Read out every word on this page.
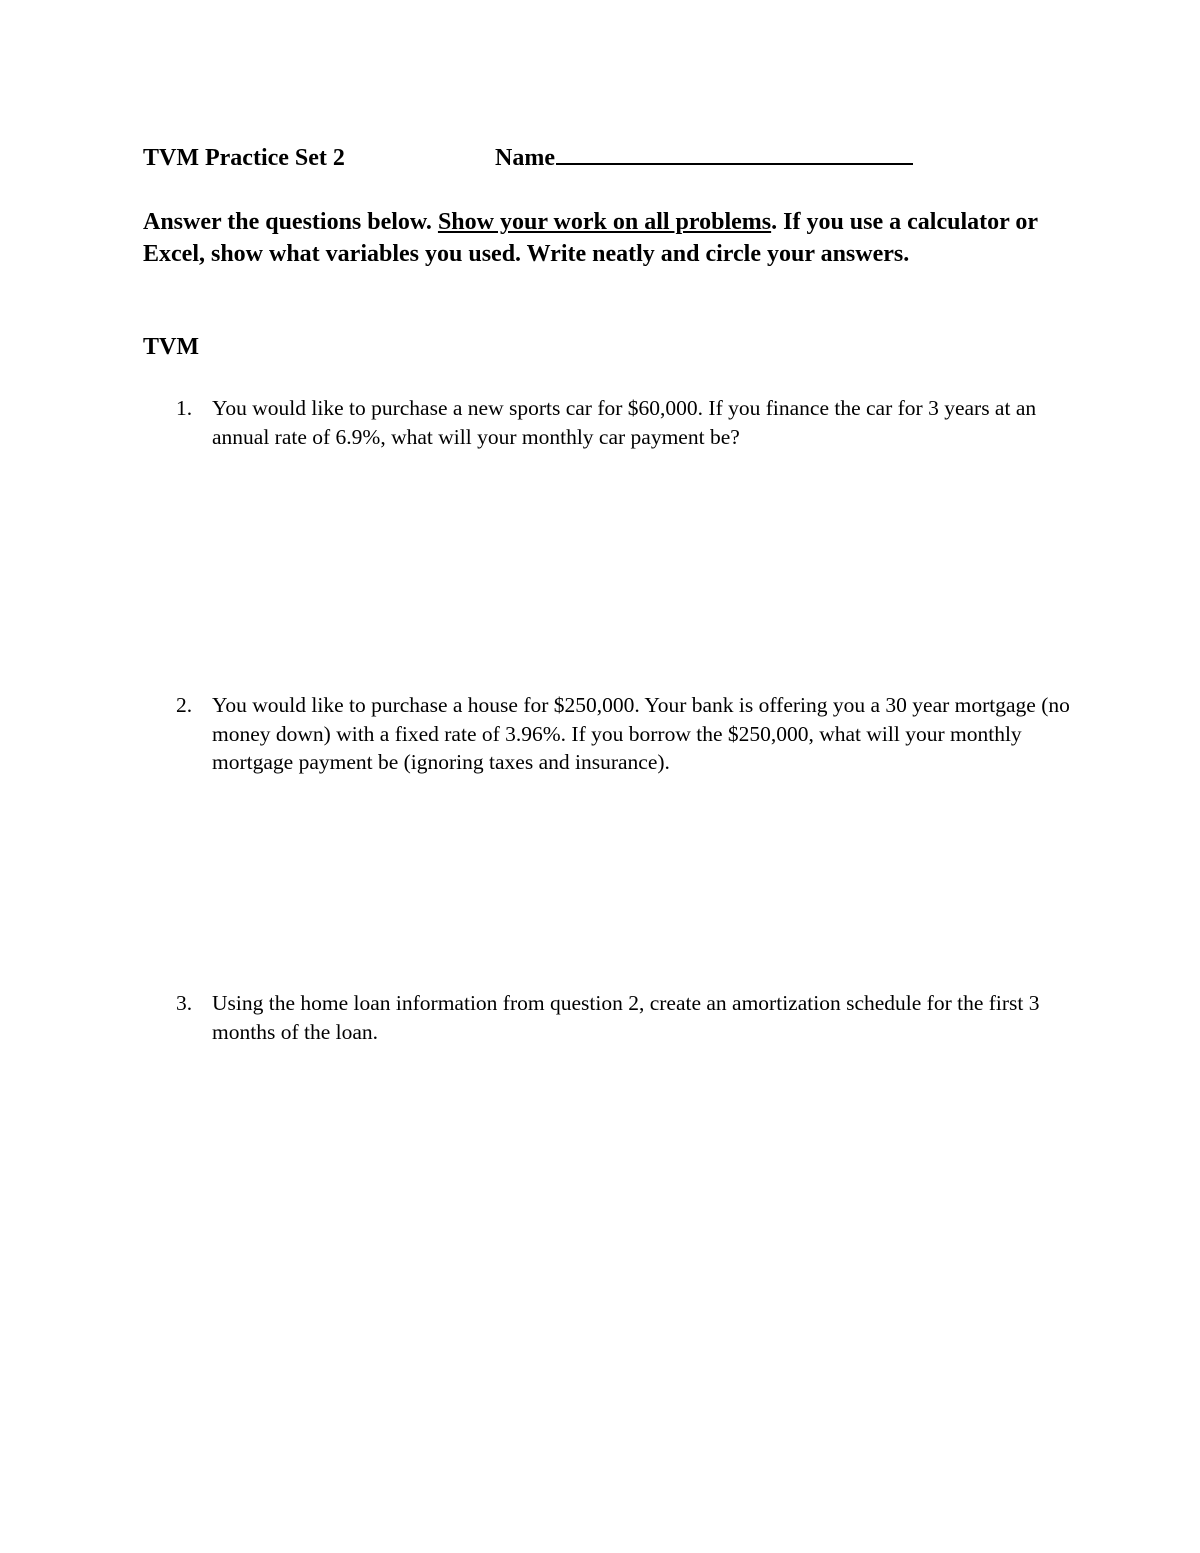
TVM Practice Set 2	Name
Answer the questions below. Show your work on all problems. If you use a calculator or Excel, show what variables you used. Write neatly and circle your answers.
TVM
1. You would like to purchase a new sports car for $60,000. If you finance the car for 3 years at an annual rate of 6.9%, what will your monthly car payment be?
2. You would like to purchase a house for $250,000. Your bank is offering you a 30 year mortgage (no money down) with a fixed rate of 3.96%. If you borrow the $250,000, what will your monthly mortgage payment be (ignoring taxes and insurance).
3. Using the home loan information from question 2, create an amortization schedule for the first 3 months of the loan.
